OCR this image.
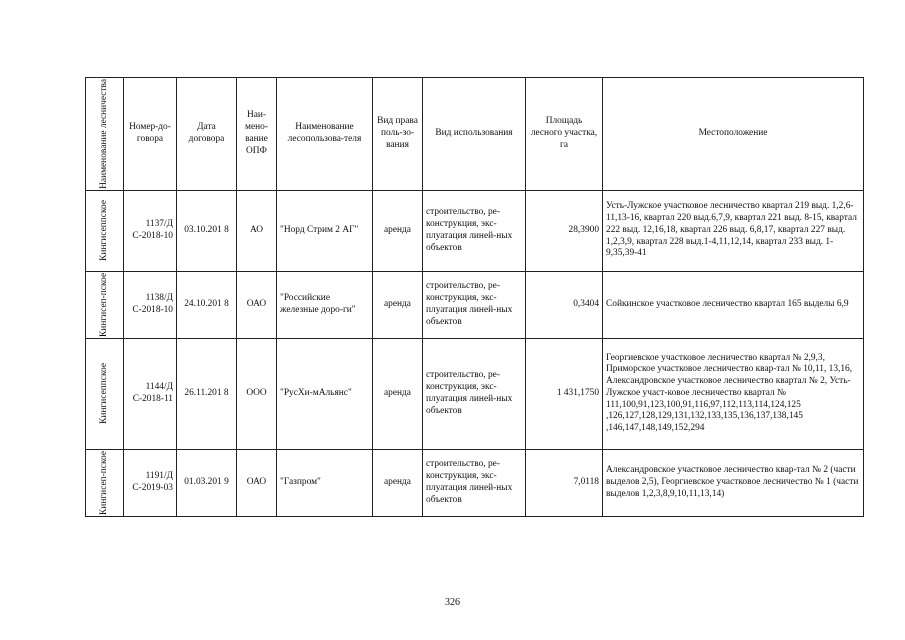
Наименование лесничества	Номер-до-говора	Дата договора	Наи-мено-вание ОПФ	Наименование лесопользова-теля	Вид права поль-зо-вания	Вид использования	Площадь лесного участка, га	Местоположение

Кингисеппское	1137/Д С-2018-10	03.10.201 8	АО	"Норд Стрим 2 АГ"	аренда	строительство, ре-конструкция, экс-плуатация линей-ных объектов	28,3900	Усть-Лужское участковое лесничество квартал 219 выд. 1,2,6-11,13-16, квартал 220 выд.6,7,9, квартал 221 выд. 8-15, квартал 222 выд. 12,16,18, квартал 226 выд. 6,8,17, квартал 227 выд. 1,2,3,9, квартал 228 выд.1-4,11,12,14, квартал 233 выд. 1-9,35,39-41

Кингисеп-пское	1138/Д С-2018-10	24.10.201 8	ОАО	"Российские железные доро-ги"	аренда	строительство, ре-конструкция, экс-плуатация линей-ных объектов	0,3404	Сойкинское участковое лесничество квартал 165 выделы 6,9

Кингисеппское	1144/Д С-2018-11	26.11.201 8	ООО	"РусХи-мАльянс"	аренда	строительство, ре-конструкция, экс-плуатация линей-ных объектов	1 431,1750	Георгиевское участковое лесничество квартал № 2,9,3, Приморское участковое лесничество квар-тал № 10,11, 13,16, Александровское участковое лесничество квартал № 2, Усть-Лужское участ-ковое лесничество квартал № 111,100,91,123,100,91,116,97,112,113,114,124,125 ,126,127,128,129,131,132,133,135,136,137,138,145 ,146,147,148,149,152,294

Кингисеп-пское	1191/Д С-2019-03	01.03.201 9	ОАО	"Газпром"	аренда	строительство, ре-конструкция, экс-плуатация линей-ных объектов	7,0118	Александровское участковое лесничество квар-тал № 2 (части выделов 2,5), Георгиевское участковое лесничество № 1 (части выделов 1,2,3,8,9,10,11,13,14)
326
